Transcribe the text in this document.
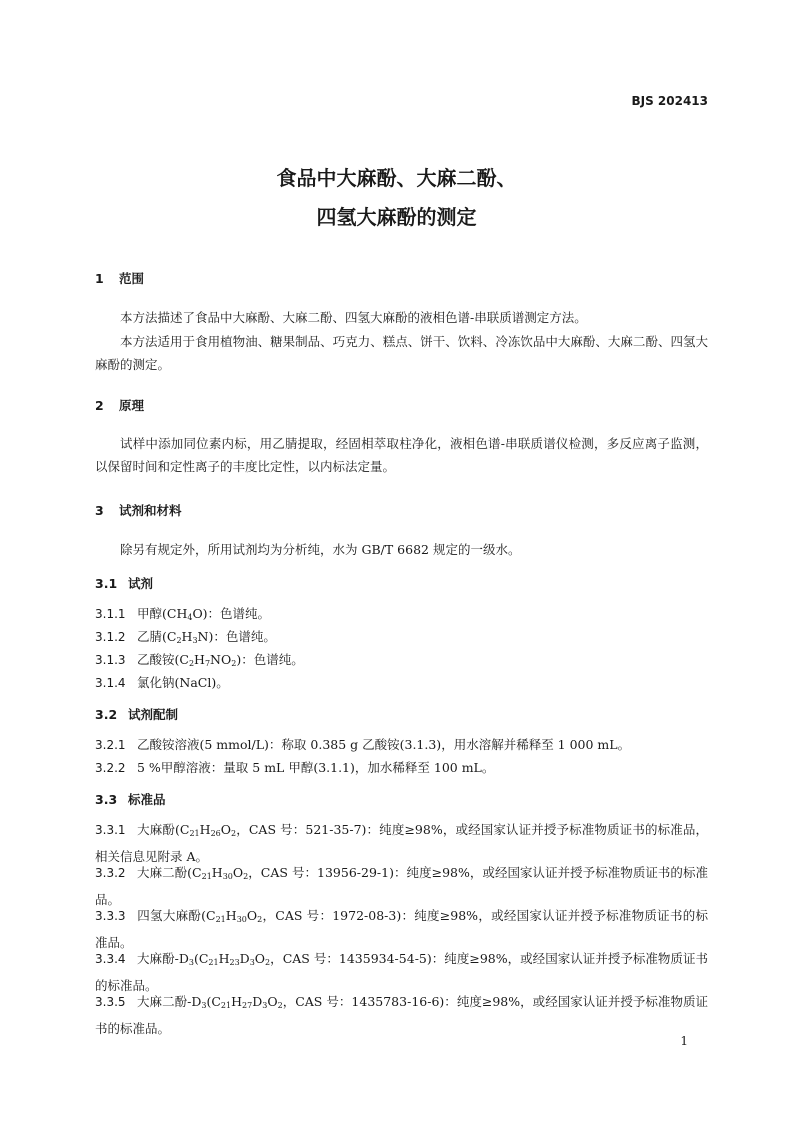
BJS 202413
食品中大麻酚、大麻二酚、
四氢大麻酚的测定
1 范围
本方法描述了食品中大麻酚、大麻二酚、四氢大麻酚的液相色谱-串联质谱测定方法。
本方法适用于食用植物油、糖果制品、巧克力、糕点、饼干、饮料、冷冻饮品中大麻酚、大麻二酚、四氢大麻酚的测定。
2 原理
试样中添加同位素内标，用乙腈提取，经固相萃取柱净化，液相色谱-串联质谱仪检测，多反应离子监测，以保留时间和定性离子的丰度比定性，以内标法定量。
3 试剂和材料
除另有规定外，所用试剂均为分析纯，水为 GB/T 6682 规定的一级水。
3.1 试剂
3.1.1 甲醇$(CH_4O)$：色谱纯。
3.1.2 乙腈$(C_2H_3N)$：色谱纯。
3.1.3 乙酸铵$(C_2H_7NO_2)$：色谱纯。
3.1.4 氯化钠(NaCl)。
3.2 试剂配制
3.2.1 乙酸铵溶液(5 mmol/L)：称取 0.385 g 乙酸铵(3.1.3)，用水溶解并稀释至 1 000 mL。
3.2.2 5 %甲醇溶液：量取 5 mL 甲醇(3.1.1)，加水稀释至 100 mL。
3.3 标准品
3.3.1 大麻酚($C_{21}H_{26}O_2$，CAS 号：521-35-7)：纯度≥98%，或经国家认证并授予标准物质证书的标准品，相关信息见附录 A。
3.3.2 大麻二酚($C_{21}H_{30}O_2$，CAS 号：13956-29-1)：纯度≥98%，或经国家认证并授予标准物质证书的标准品。
3.3.3 四氢大麻酚($C_{21}H_{30}O_2$，CAS 号：1972-08-3)：纯度≥98%，或经国家认证并授予标准物质证书的标准品。
3.3.4 大麻酚$-D_3(C_{21}H_{23}D_3O_2$，CAS 号：1435934-54-5)：纯度≥98%，或经国家认证并授予标准物质证书的标准品。
3.3.5 大麻二酚$-D_3(C_{21}H_{27}D_3O_2$，CAS 号：1435783-16-6)：纯度≥98%，或经国家认证并授予标准物质证书的标准品。
1
